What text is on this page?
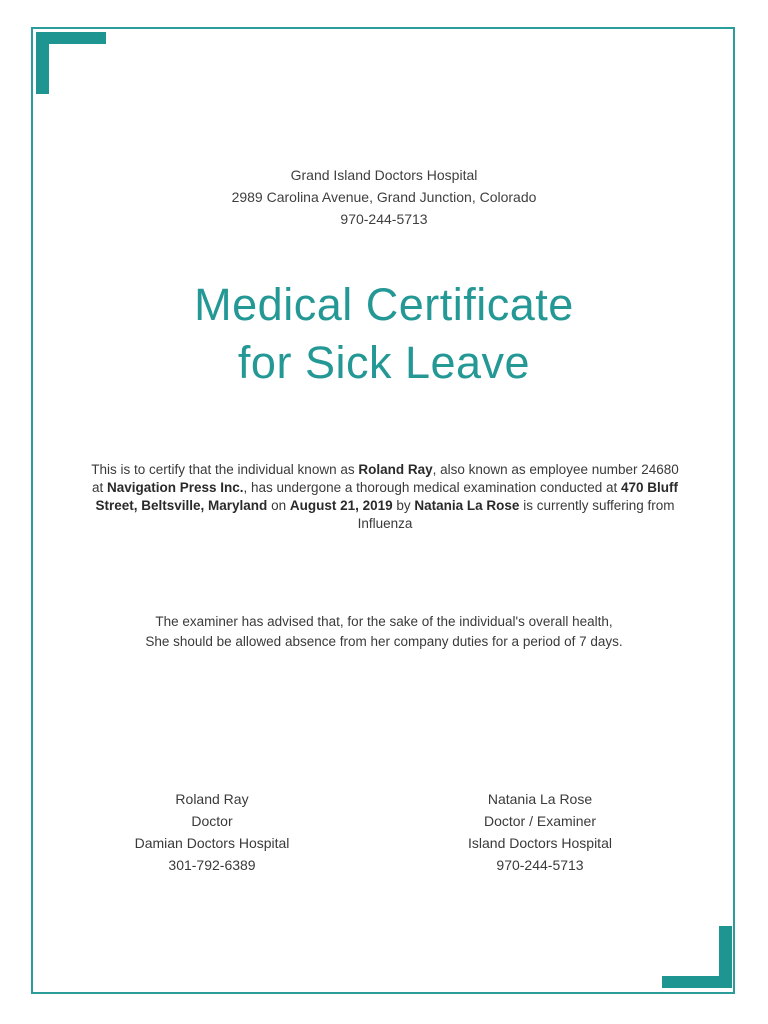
Grand Island Doctors Hospital
2989 Carolina Avenue, Grand Junction, Colorado
970-244-5713
Medical Certificate
for Sick Leave
This is to certify that the individual known as Roland Ray, also known as employee number 24680 at Navigation Press Inc., has undergone a thorough medical examination conducted at 470 Bluff Street, Beltsville, Maryland on August 21, 2019 by Natania La Rose is currently suffering from Influenza
The examiner has advised that, for the sake of the individual's overall health,
She should be allowed absence from her company duties for a period of 7 days.
Roland Ray
Doctor
Damian Doctors Hospital
301-792-6389
Natania La Rose
Doctor / Examiner
Island Doctors Hospital
970-244-5713
